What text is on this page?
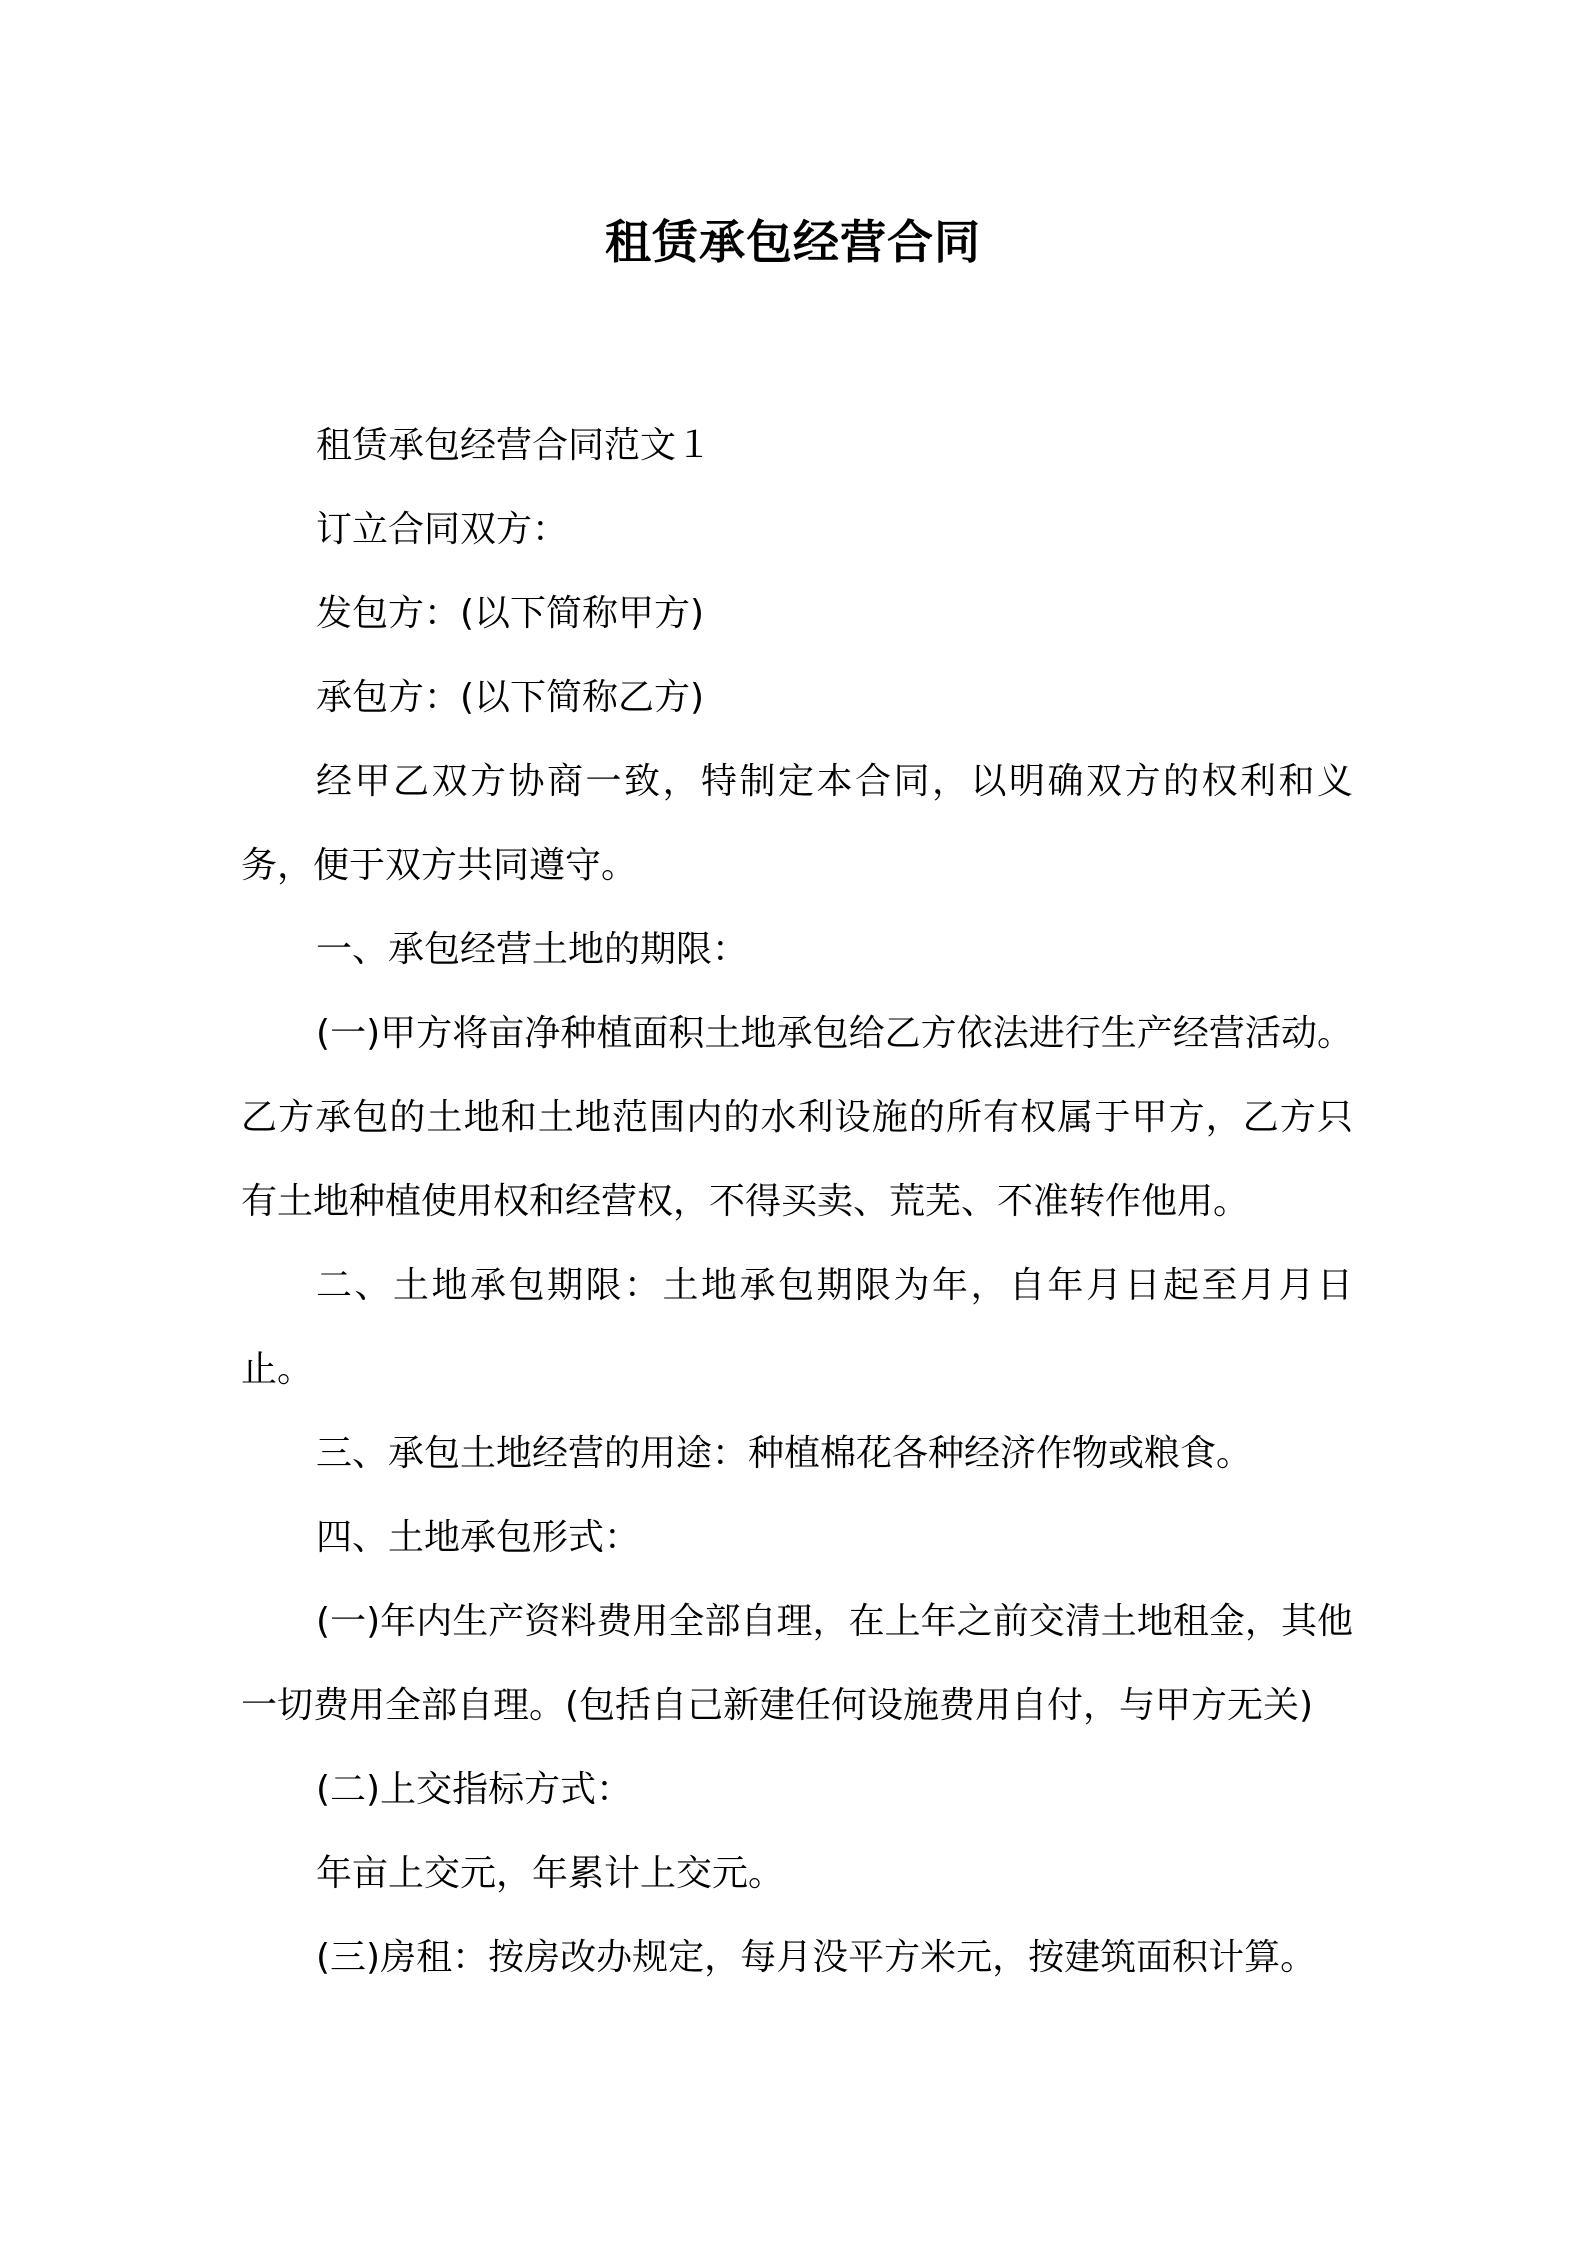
租赁承包经营合同

租赁承包经营合同范文１

订立合同双方：

发包方：(以下简称甲方)

承包方：(以下简称乙方)

经甲乙双方协商一致，特制定本合同，以明确双方的权利和义务，便于双方共同遵守。

一、承包经营土地的期限：

(一)甲方将亩净种植面积土地承包给乙方依法进行生产经营活动。乙方承包的土地和土地范围内的水利设施的所有权属于甲方，乙方只有土地种植使用权和经营权，不得买卖、荒芜、不准转作他用。

二、土地承包期限：土地承包期限为年，自年月日起至月月日止。

三、承包土地经营的用途：种植棉花各种经济作物或粮食。

四、土地承包形式：

(一)年内生产资料费用全部自理，在上年之前交清土地租金，其他一切费用全部自理。(包括自己新建任何设施费用自付，与甲方无关)

(二)上交指标方式：

年亩上交元，年累计上交元。

(三)房租：按房改办规定，每月没平方米元，按建筑面积计算。
